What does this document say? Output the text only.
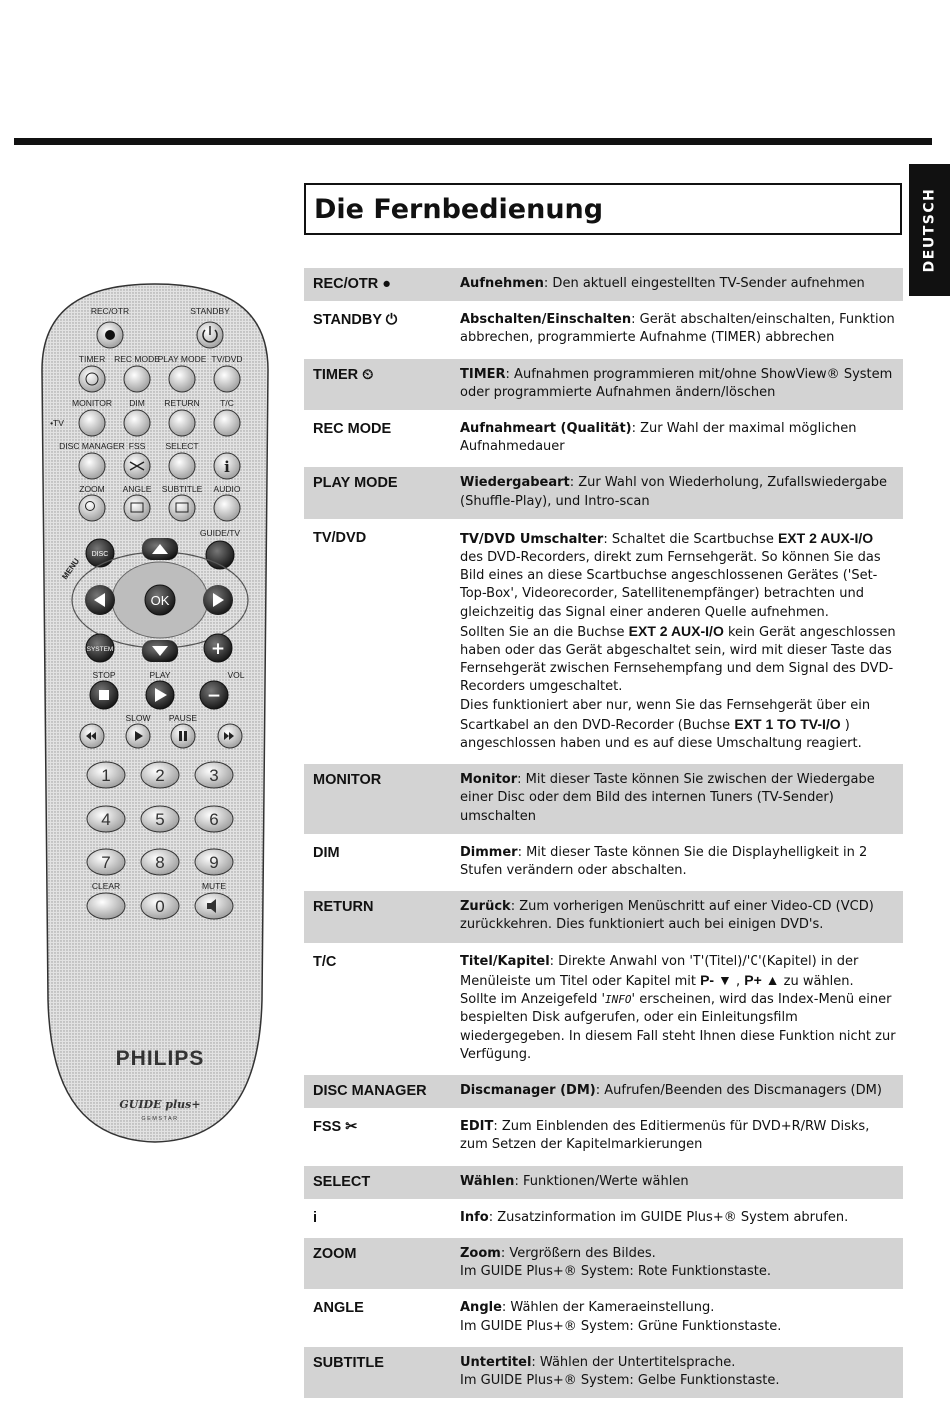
DEUTSCH
Die Fernbedienung
REC/OTR ●	Aufnehmen: Den aktuell eingestellten TV-Sender aufnehmen

STANDBY ⏻	Abschalten/Einschalten: Gerät abschalten/einschalten, Funktion abbrechen, programmierte Aufnahme (TIMER) abbrechen

TIMER ⏲	TIMER: Aufnahmen programmieren mit/ohne ShowView® System oder programmierte Aufnahmen ändern/löschen

REC MODE	Aufnahmeart (Qualität): Zur Wahl der maximal möglichen Aufnahmedauer

PLAY MODE	Wiedergabeart: Zur Wahl von Wiederholung, Zufallswiedergabe (Shuffle-Play), und Intro-scan

TV/DVD	TV/DVD Umschalter: Schaltet die Scartbuchse EXT 2 AUX-I/O des DVD-Recorders, direkt zum Fernsehgerät. So können Sie das Bild eines an diese Scartbuchse angeschlossenen Gerätes ('Set-Top-Box', Videorecorder, Satellitenempfänger) betrachten und gleichzeitig das Signal einer anderen Quelle aufnehmen.

Sollten Sie an die Buchse EXT 2 AUX-I/O kein Gerät angeschlossen haben oder das Gerät abgeschaltet sein, wird mit dieser Taste das Fernsehgerät zwischen Fernsehempfang und dem Signal des DVD-Recorders umgeschaltet.

Dies funktioniert aber nur, wenn Sie das Fernsehgerät über ein Scartkabel an den DVD-Recorder (Buchse EXT 1 TO TV-I/O ) angeschlossen haben und es auf diese Umschaltung reagiert.

MONITOR	Monitor: Mit dieser Taste können Sie zwischen der Wiedergabe einer Disc oder dem Bild des internen Tuners (TV-Sender) umschalten

DIM	Dimmer: Mit dieser Taste können Sie die Displayhelligkeit in 2 Stufen verändern oder abschalten.

RETURN	Zurück: Zum vorherigen Menüschritt auf einer Video-CD (VCD) zurückkehren. Dies funktioniert auch bei einigen DVD's.

T/C	Titel/Kapitel: Direkte Anwahl von 'T'(Titel)/'C'(Kapitel) in der Menüleiste um Titel oder Kapitel mit P- ▼ , P+ ▲ zu wählen.

Sollte im Anzeigefeld 'INFO' erscheinen, wird das Index-Menü einer bespielten Disk aufgerufen, oder ein Einleitungsfilm wiedergegeben. In diesem Fall steht Ihnen diese Funktion nicht zur Verfügung.

DISC MANAGER	Discmanager (DM): Aufrufen/Beenden des Discmanagers (DM)

FSS ✂	EDIT: Zum Einblenden des Editiermenüs für DVD+R/RW Disks, zum Setzen der Kapitelmarkierungen

SELECT	Wählen: Funktionen/Werte wählen

i	Info: Zusatzinformation im GUIDE Plus+® System abrufen.

ZOOM	Zoom: Vergrößern des Bildes.

Im GUIDE Plus+® System: Rote Funktionstaste.

ANGLE	Angle: Wählen der Kameraeinstellung.

Im GUIDE Plus+® System: Grüne Funktionstaste.

SUBTITLE	Untertitel: Wählen der Untertitelsprache.

Im GUIDE Plus+® System: Gelbe Funktionstaste.

REC/OTR	STANDBY
TIMER REC MODE
PLAY MODE TV/DVD
MONITOR DIM RETURN T/C
•TV
DISC MANAGER FSS SELECT
i
ZOOM ANGLE SUBTITLE AUDIO
GUIDE/TV
DISC
MENU
OK
SYSTEM	+
STOP	PLAY	VOL
−
SLOW PAUSE
1	2	3
4	5	6
7	8	9
0
CLEAR	MUTE
PHILIPS
GUIDE plus+
GEMSTAR
